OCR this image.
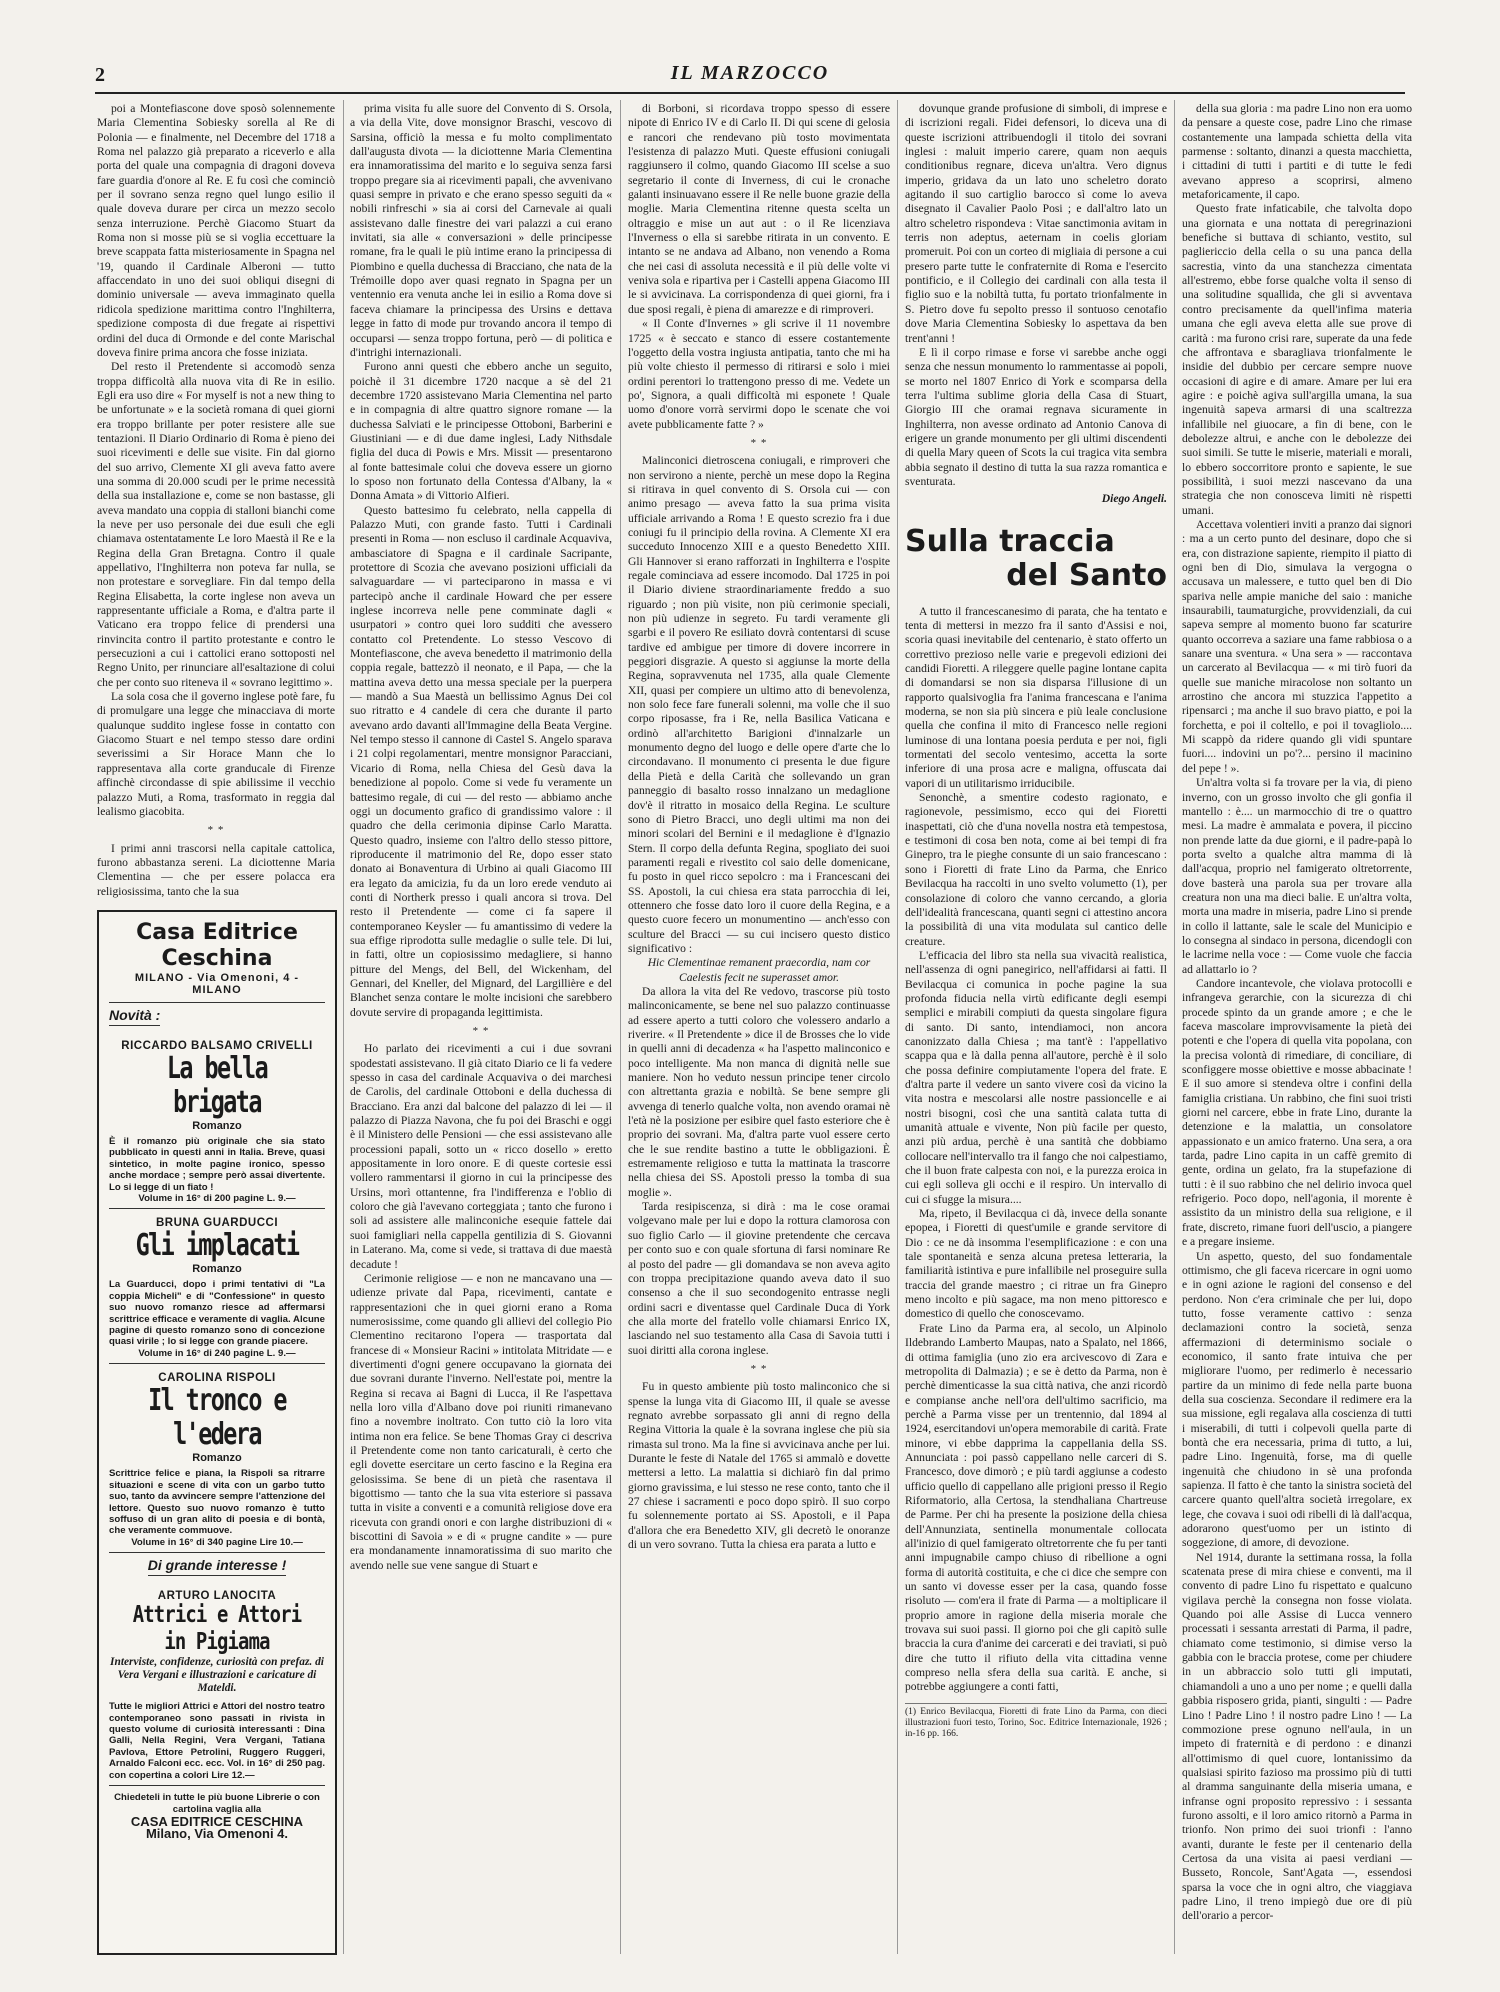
2	IL MARZOCCO

poi a Montefiascone dove sposò solennemente Maria Clementina Sobiesky sorella al Re di Polonia — e finalmente, nel Decembre del 1718 a Roma nel palazzo già preparato a riceverlo e alla porta del quale una compagnia di dragoni doveva fare guardia d'onore al Re. E fu così che cominciò per il sovrano senza regno quel lungo esilio il quale doveva durare per circa un mezzo secolo senza interruzione. Perchè Giacomo Stuart da Roma non si mosse più se si voglia eccettuare la breve scappata fatta misteriosamente in Spagna nel '19, quando il Cardinale Alberoni — tutto affaccendato in uno dei suoi obliqui disegni di dominio universale — aveva immaginato quella ridicola spedizione marittima contro l'Inghilterra, spedizione composta di due fregate ai rispettivi ordini del duca di Ormonde e del conte Marischal doveva finire prima ancora che fosse iniziata.

Del resto il Pretendente si accomodò senza troppa difficoltà alla nuova vita di Re in esilio. Egli era uso dire « For myself is not a new thing to be unfortunate » e la società romana di quei giorni era troppo brillante per poter resistere alle sue tentazioni. Il Diario Ordinario di Roma è pieno dei suoi ricevimenti e delle sue visite. Fin dal giorno del suo arrivo, Clemente XI gli aveva fatto avere una somma di 20.000 scudi per le prime necessità della sua installazione e, come se non bastasse, gli aveva mandato una coppia di stalloni bianchi come la neve per uso personale dei due esuli che egli chiamava ostentatamente Le loro Maestà il Re e la Regina della Gran Bretagna. Contro il quale appellativo, l'Inghilterra non poteva far nulla, se non protestare e sorvegliare. Fin dal tempo della Regina Elisabetta, la corte inglese non aveva un rappresentante ufficiale a Roma, e d'altra parte il Vaticano era troppo felice di prendersi una rinvincita contro il partito protestante e contro le persecuzioni a cui i cattolici erano sottoposti nel Regno Unito, per rinunciare all'esaltazione di colui che per conto suo riteneva il « sovrano legittimo ».

La sola cosa che il governo inglese potè fare, fu di promulgare una legge che minacciava di morte qualunque suddito inglese fosse in contatto con Giacomo Stuart e nel tempo stesso dare ordini severissimi a Sir Horace Mann che lo rappresentava alla corte granducale di Firenze affinchè circondasse di spie abilissime il vecchio palazzo Muti, a Roma, trasformato in reggia dal lealismo giacobita.

* *

I primi anni trascorsi nella capitale cattolica, furono abbastanza sereni. La diciottenne Maria Clementina — che per essere polacca era religiosissima, tanto che la sua

Casa Editrice Ceschina
MILANO - Via Omenoni, 4 - MILANO
Novità :
RICCARDO BALSAMO CRIVELLI
La bella brigata
Romanzo
È il romanzo più originale che sia stato pubblicato in questi anni in Italia. Breve, quasi sintetico, in molte pagine ironico, spesso anche mordace ; sempre però assai divertente. Lo si legge di un fiato !
Volume in 16° di 200 pagine L. 9.—
BRUNA GUARDUCCI
Gli implacati
Romanzo
La Guarducci, dopo i primi tentativi di "La coppia Micheli" e di "Confessione" in questo suo nuovo romanzo riesce ad affermarsi scrittrice efficace e veramente di vaglia. Alcune pagine di questo romanzo sono di concezione quasi virile ; lo si legge con grande piacere.
Volume in 16° di 240 pagine L. 9.—
CAROLINA RISPOLI
Il tronco e l'edera
Romanzo
Scrittrice felice e piana, la Rispoli sa ritrarre situazioni e scene di vita con un garbo tutto suo, tanto da avvincere sempre l'attenzione del lettore. Questo suo nuovo romanzo è tutto soffuso di un gran alito di poesia e di bontà, che veramente commuove.
Volume in 16° di 340 pagine Lire 10.—
Di grande interesse !
ARTURO LANOCITA
Attrici e Attori in Pigiama
Interviste, confidenze, curiosità con prefaz. di Vera Vergani e illustrazioni e caricature di Mateldi.
Tutte le migliori Attrici e Attori del nostro teatro contemporaneo sono passati in rivista in questo volume di curiosità interessanti : Dina Galli, Nella Regini, Vera Vergani, Tatiana Pavlova, Ettore Petrolini, Ruggero Ruggeri, Arnaldo Falconi ecc. ecc. Vol. in 16° di 250 pag. con copertina a colori Lire 12.—
Chiedeteli in tutte le più buone Librerie o con cartolina vaglia alla
CASA EDITRICE CESCHINA
Milano, Via Omenoni 4.

prima visita fu alle suore del Convento di S. Orsola, a via della Vite, dove monsignor Braschi, vescovo di Sarsina, officiò la messa e fu molto complimentato dall'augusta divota — la diciottenne Maria Clementina era innamoratissima del marito e lo seguiva senza farsi troppo pregare sia ai ricevimenti papali, che avvenivano quasi sempre in privato e che erano spesso seguiti da « nobili rinfreschi » sia ai corsi del Carnevale ai quali assistevano dalle finestre dei vari palazzi a cui erano invitati, sia alle « conversazioni » delle principesse romane, fra le quali le più intime erano la principessa di Piombino e quella duchessa di Bracciano, che nata de la Trémoille dopo aver quasi regnato in Spagna per un ventennio era venuta anche lei in esilio a Roma dove si faceva chiamare la principessa des Ursins e dettava legge in fatto di mode pur trovando ancora il tempo di occuparsi — senza troppo fortuna, però — di politica e d'intrighi internazionali.

Furono anni questi che ebbero anche un seguito, poichè il 31 dicembre 1720 nacque a sè del 21 decembre 1720 assistevano Maria Clementina nel parto e in compagnia di altre quattro signore romane — la duchessa Salviati e le principesse Ottoboni, Barberini e Giustiniani — e di due dame inglesi, Lady Nithsdale figlia del duca di Powis e Mrs. Missit — presentarono al fonte battesimale colui che doveva essere un giorno lo sposo non fortunato della Contessa d'Albany, la « Donna Amata » di Vittorio Alfieri.

Questo battesimo fu celebrato, nella cappella di Palazzo Muti, con grande fasto. Tutti i Cardinali presenti in Roma — non escluso il cardinale Acquaviva, ambasciatore di Spagna e il cardinale Sacripante, protettore di Scozia che avevano posizioni ufficiali da salvaguardare — vi parteciparono in massa e vi partecipò anche il cardinale Howard che per essere inglese incorreva nelle pene comminate dagli « usurpatori » contro quei loro sudditi che avessero contatto col Pretendente. Lo stesso Vescovo di Montefiascone, che aveva benedetto il matrimonio della coppia regale, battezzò il neonato, e il Papa, — che la mattina aveva detto una messa speciale per la puerpera — mandò a Sua Maestà un bellissimo Agnus Dei col suo ritratto e 4 candele di cera che durante il parto avevano ardo davanti all'Immagine della Beata Vergine. Nel tempo stesso il cannone di Castel S. Angelo sparava i 21 colpi regolamentari, mentre monsignor Paracciani, Vicario di Roma, nella Chiesa del Gesù dava la benedizione al popolo. Come si vede fu veramente un battesimo regale, di cui — del resto — abbiamo anche oggi un documento grafico di grandissimo valore : il quadro che della cerimonia dipinse Carlo Maratta. Questo quadro, insieme con l'altro dello stesso pittore, riproducente il matrimonio del Re, dopo esser stato donato ai Bonaventura di Urbino ai quali Giacomo III era legato da amicizia, fu da un loro erede venduto ai conti di Northerk presso i quali ancora si trova. Del resto il Pretendente — come ci fa sapere il contemporaneo Keysler — fu amantissimo di vedere la sua effige riprodotta sulle medaglie o sulle tele. Di lui, in fatti, oltre un copiosissimo medagliere, si hanno pitture del Mengs, del Bell, del Wickenham, del Gennari, del Kneller, del Mignard, del Largillière e del Blanchet senza contare le molte incisioni che sarebbero dovute servire di propaganda legittimista.

* *

Ho parlato dei ricevimenti a cui i due sovrani spodestati assistevano. Il già citato Diario ce li fa vedere spesso in casa del cardinale Acquaviva o dei marchesi de Carolis, del cardinale Ottoboni e della duchessa di Bracciano. Era anzi dal balcone del palazzo di lei — il palazzo di Piazza Navona, che fu poi dei Braschi e oggi è il Ministero delle Pensioni — che essi assistevano alle processioni papali, sotto un « ricco dosello » eretto appositamente in loro onore. E di queste cortesie essi vollero rammentarsi il giorno in cui la principesse des Ursins, morì ottantenne, fra l'indifferenza e l'oblio di coloro che già l'avevano corteggiata ; tanto che furono i soli ad assistere alle malinconiche esequie fattele dai suoi famigliari nella cappella gentilizia di S. Giovanni in Laterano. Ma, come si vede, si trattava di due maestà decadute !

Cerimonie religiose — e non ne mancavano una — udienze private dal Papa, ricevimenti, cantate e rappresentazioni che in quei giorni erano a Roma numerosissime, come quando gli allievi del collegio Pio Clementino recitarono l'opera — trasportata dal francese di « Monsieur Racini » intitolata Mitridate — e divertimenti d'ogni genere occupavano la giornata dei due sovrani durante l'inverno. Nell'estate poi, mentre la Regina si recava ai Bagni di Lucca, il Re l'aspettava nella loro villa d'Albano dove poi riuniti rimanevano fino a novembre inoltrato. Con tutto ciò la loro vita intima non era felice. Se bene Thomas Gray ci descriva il Pretendente come non tanto caricaturali, è certo che egli dovette esercitare un certo fascino e la Regina era gelosissima. Se bene di un pietà che rasentava il bigottismo — tanto che la sua vita esteriore si passava tutta in visite a conventi e a comunità religiose dove era ricevuta con grandi onori e con larghe distribuzioni di « biscottini di Savoia » e di « prugne candite » — pure era mondanamente innamoratissima di suo marito che avendo nelle sue vene sangue di Stuart e

di Borboni, si ricordava troppo spesso di essere nipote di Enrico IV e di Carlo II. Di qui scene di gelosia e rancori che rendevano più tosto movimentata l'esistenza di palazzo Muti. Queste effusioni coniugali raggiunsero il colmo, quando Giacomo III scelse a suo segretario il conte di Inverness, di cui le cronache galanti insinuavano essere il Re nelle buone grazie della moglie. Maria Clementina ritenne questa scelta un oltraggio e mise un aut aut : o il Re licenziava l'Inverness o ella si sarebbe ritirata in un convento. E intanto se ne andava ad Albano, non venendo a Roma che nei casi di assoluta necessità e il più delle volte vi veniva sola e ripartiva per i Castelli appena Giacomo III le si avvicinava. La corrispondenza di quei giorni, fra i due sposi regali, è piena di amarezze e di rimproveri.

« Il Conte d'Invernes » gli scrive il 11 novembre 1725 « è seccato e stanco di essere costantemente l'oggetto della vostra ingiusta antipatia, tanto che mi ha più volte chiesto il permesso di ritirarsi e solo i miei ordini perentori lo trattengono presso di me. Vedete un po', Signora, a quali difficoltà mi esponete ! Quale uomo d'onore vorrà servirmi dopo le scenate che voi avete pubblicamente fatte ? »

* *

Malinconici dietroscena coniugali, e rimproveri che non servirono a niente, perchè un mese dopo la Regina si ritirava in quel convento di S. Orsola cui — con animo presago — aveva fatto la sua prima visita ufficiale arrivando a Roma ! E questo screzio fra i due coniugi fu il principio della rovina. A Clemente XI era succeduto Innocenzo XIII e a questo Benedetto XIII. Gli Hannover si erano rafforzati in Inghilterra e l'ospite regale cominciava ad essere incomodo. Dal 1725 in poi il Diario diviene straordinariamente freddo a suo riguardo ; non più visite, non più cerimonie speciali, non più udienze in segreto. Fu tardi veramente gli sgarbi e il povero Re esiliato dovrà contentarsi di scuse tardive ed ambigue per timore di dovere incorrere in peggiori disgrazie. A questo si aggiunse la morte della Regina, sopravvenuta nel 1735, alla quale Clemente XII, quasi per compiere un ultimo atto di benevolenza, non solo fece fare funerali solenni, ma volle che il suo corpo riposasse, fra i Re, nella Basilica Vaticana e ordinò all'architetto Barigioni d'innalzarle un monumento degno del luogo e delle opere d'arte che lo circondavano. Il monumento ci presenta le due figure della Pietà e della Carità che sollevando un gran panneggio di basalto rosso innalzano un medaglione dov'è il ritratto in mosaico della Regina. Le sculture sono di Pietro Bracci, uno degli ultimi ma non dei minori scolari del Bernini e il medaglione è d'Ignazio Stern. Il corpo della defunta Regina, spogliato dei suoi paramenti regali e rivestito col saio delle domenicane, fu posto in quel ricco sepolcro : ma i Francescani dei SS. Apostoli, la cui chiesa era stata parrocchia di lei, ottennero che fosse dato loro il cuore della Regina, e a questo cuore fecero un monumentino — anch'esso con sculture del Bracci — su cui incisero questo distico significativo :

Hic Clementinae remanent praecordia, nam cor Caelestis fecit ne superasset amor.

Da allora la vita del Re vedovo, trascorse più tosto malinconicamente, se bene nel suo palazzo continuasse ad essere aperto a tutti coloro che volessero andarlo a riverire. « Il Pretendente » dice il de Brosses che lo vide in quelli anni di decadenza « ha l'aspetto malinconico e poco intelligente. Ma non manca di dignità nelle sue maniere. Non ho veduto nessun principe tener circolo con altrettanta grazia e nobiltà. Se bene sempre gli avvenga di tenerlo qualche volta, non avendo oramai nè l'età nè la posizione per esibire quel fasto esteriore che è proprio dei sovrani. Ma, d'altra parte vuol essere certo che le sue rendite bastino a tutte le obbligazioni. È estremamente religioso e tutta la mattinata la trascorre nella chiesa dei SS. Apostoli presso la tomba di sua moglie ».

Tarda resipiscenza, si dirà : ma le cose oramai volgevano male per lui e dopo la rottura clamorosa con suo figlio Carlo — il giovine pretendente che cercava per conto suo e con quale sfortuna di farsi nominare Re al posto del padre — gli domandava se non aveva agito con troppa precipitazione quando aveva dato il suo consenso a che il suo secondogenito entrasse negli ordini sacri e diventasse quel Cardinale Duca di York che alla morte del fratello volle chiamarsi Enrico IX, lasciando nel suo testamento alla Casa di Savoia tutti i suoi diritti alla corona inglese.

* *

Fu in questo ambiente più tosto malinconico che si spense la lunga vita di Giacomo III, il quale se avesse regnato avrebbe sorpassato gli anni di regno della Regina Vittoria la quale è la sovrana inglese che più sia rimasta sul trono. Ma la fine si avvicinava anche per lui. Durante le feste di Natale del 1765 si ammalò e dovette mettersi a letto. La malattia si dichiarò fin dal primo giorno gravissima, e lui stesso ne rese conto, tanto che il 27 chiese i sacramenti e poco dopo spirò. Il suo corpo fu solennemente portato ai SS. Apostoli, e il Papa d'allora che era Benedetto XIV, gli decretò le onoranze di un vero sovrano. Tutta la chiesa era parata a lutto e

dovunque grande profusione di simboli, di imprese e di iscrizioni regali. Fidei defensori, lo diceva una di queste iscrizioni attribuendogli il titolo dei sovrani inglesi : maluit imperio carere, quam non aequis conditionibus regnare, diceva un'altra. Vero dignus imperio, gridava da un lato uno scheletro dorato agitando il suo cartiglio barocco sì come lo aveva disegnato il Cavalier Paolo Posi ; e dall'altro lato un altro scheletro rispondeva : Vitae sanctimonia avitam in terris non adeptus, aeternam in coelis gloriam promeruit. Poi con un corteo di migliaia di persone a cui presero parte tutte le confraternite di Roma e l'esercito pontificio, e il Collegio dei cardinali con alla testa il figlio suo e la nobiltà tutta, fu portato trionfalmente in S. Pietro dove fu sepolto presso il sontuoso cenotafio dove Maria Clementina Sobiesky lo aspettava da ben trent'anni !

E lì il corpo rimase e forse vi sarebbe anche oggi senza che nessun monumento lo rammentasse ai popoli, se morto nel 1807 Enrico di York e scomparsa della terra l'ultima sublime gloria della Casa di Stuart, Giorgio III che oramai regnava sicuramente in Inghilterra, non avesse ordinato ad Antonio Canova di erigere un grande monumento per gli ultimi discendenti di quella Mary queen of Scots la cui tragica vita sembra abbia segnato il destino di tutta la sua razza romantica e sventurata.

Diego Angeli.
Sulla traccia
del Santo

A tutto il francescanesimo di parata, che ha tentato e tenta di mettersi in mezzo fra il santo d'Assisi e noi, scoria quasi inevitabile del centenario, è stato offerto un correttivo prezioso nelle varie e pregevoli edizioni dei candidi Fioretti. A rileggere quelle pagine lontane capita di domandarsi se non sia disparsa l'illusione di un rapporto qualsivoglia fra l'anima francescana e l'anima moderna, se non sia più sincera e più leale conclusione quella che confina il mito di Francesco nelle regioni luminose di una lontana poesia perduta e per noi, figli tormentati del secolo ventesimo, accetta la sorte inferiore di una prosa acre e maligna, offuscata dai vapori di un utilitarismo irriducibile.

Senonchè, a smentire codesto ragionato, e ragionevole, pessimismo, ecco qui dei Fioretti inaspettati, ciò che d'una novella nostra età tempestosa, e testimoni di cosa ben nota, come ai bei tempi di fra Ginepro, tra le pieghe consunte di un saio francescano : sono i Fioretti di frate Lino da Parma, che Enrico Bevilacqua ha raccolti in uno svelto volumetto (1), per consolazione di coloro che vanno cercando, a gloria dell'idealità francescana, quanti segni ci attestino ancora la possibilità di una vita modulata sul cantico delle creature.

L'efficacia del libro sta nella sua vivacità realistica, nell'assenza di ogni panegirico, nell'affidarsi ai fatti. Il Bevilacqua ci comunica in poche pagine la sua profonda fiducia nella virtù edificante degli esempi semplici e mirabili compiuti da questa singolare figura di santo. Di santo, intendiamoci, non ancora canonizzato dalla Chiesa ; ma tant'è : l'appellativo scappa qua e là dalla penna all'autore, perchè è il solo che possa definire compiutamente l'opera del frate. E d'altra parte il vedere un santo vivere così da vicino la vita nostra e mescolarsi alle nostre passioncelle e ai nostri bisogni, così che una santità calata tutta di umanità attuale e vivente, Non più facile per questo, anzi più ardua, perchè è una santità che dobbiamo collocare nell'intervallo tra il fango che noi calpestiamo, che il buon frate calpesta con noi, e la purezza eroica in cui egli solleva gli occhi e il respiro. Un intervallo di cui ci sfugge la misura....

Ma, ripeto, il Bevilacqua ci dà, invece della sonante epopea, i Fioretti di quest'umile e grande servitore di Dio : ce ne dà insomma l'esemplificazione : e con una tale spontaneità e senza alcuna pretesa letteraria, la familiarità istintiva e pure infallibile nel proseguire sulla traccia del grande maestro ; ci ritrae un fra Ginepro meno incolto e più sagace, ma non meno pittoresco e domestico di quello che conoscevamo.

Frate Lino da Parma era, al secolo, un Alpinolo Ildebrando Lamberto Maupas, nato a Spalato, nel 1866, di ottima famiglia (uno zio era arcivescovo di Zara e metropolita di Dalmazia) ; e se è detto da Parma, non è perchè dimenticasse la sua città nativa, che anzi ricordò e compianse anche nell'ora dell'ultimo sacrificio, ma perchè a Parma visse per un trentennio, dal 1894 al 1924, esercitandovi un'opera memorabile di carità. Frate minore, vi ebbe dapprima la cappellania della SS. Annunciata : poi passò cappellano nelle carceri di S. Francesco, dove dimorò ; e più tardi aggiunse a codesto ufficio quello di cappellano alle prigioni presso il Regio Riformatorio, alla Certosa, la stendhaliana Chartreuse de Parme. Per chi ha presente la posizione della chiesa dell'Annunziata, sentinella monumentale collocata all'inizio di quel famigerato oltretorrente che fu per tanti anni impugnabile campo chiuso di ribellione a ogni forma di autorità costituita, e che ci dice che sempre con un santo vi dovesse esser per la casa, quando fosse risoluto — com'era il frate di Parma — a moltiplicare il proprio amore in ragione della miseria morale che trovava sui suoi passi. Il giorno poi che gli capitò sulle braccia la cura d'anime dei carcerati e dei traviati, si può dire che tutto il rifiuto della vita cittadina venne compreso nella sfera della sua carità. E anche, si potrebbe aggiungere a conti fatti,

(1) Enrico Bevilacqua, Fioretti di frate Lino da Parma, con dieci illustrazioni fuori testo, Torino, Soc. Editrice Internazionale, 1926 ; in-16 pp. 166.

della sua gloria : ma padre Lino non era uomo da pensare a queste cose, padre Lino che rimase costantemente una lampada schietta della vita parmense : soltanto, dinanzi a questa macchietta, i cittadini di tutti i partiti e di tutte le fedi avevano appreso a scoprirsi, almeno metaforicamente, il capo.

Questo frate infaticabile, che talvolta dopo una giornata e una nottata di peregrinazioni benefiche si buttava di schianto, vestito, sul pagliericcio della cella o su una panca della sacrestia, vinto da una stanchezza cimentata all'estremo, ebbe forse qualche volta il senso di una solitudine squallida, che gli si avventava contro precisamente da quell'infima materia umana che egli aveva eletta alle sue prove di carità : ma furono crisi rare, superate da una fede che affrontava e sbaragliava trionfalmente le insidie del dubbio per cercare sempre nuove occasioni di agire e di amare. Amare per lui era agire : e poichè agiva sull'argilla umana, la sua ingenuità sapeva armarsi di una scaltrezza infallibile nel giuocare, a fin di bene, con le debolezze altrui, e anche con le debolezze dei suoi simili. Se tutte le miserie, materiali e morali, lo ebbero soccorritore pronto e sapiente, le sue possibilità, i suoi mezzi nascevano da una strategia che non conosceva limiti nè rispetti umani.

Accettava volentieri inviti a pranzo dai signori : ma a un certo punto del desinare, dopo che si era, con distrazione sapiente, riempito il piatto di ogni ben di Dio, simulava la vergogna o accusava un malessere, e tutto quel ben di Dio spariva nelle ampie maniche del saio : maniche insaurabili, taumaturgiche, provvidenziali, da cui sapeva sempre al momento buono far scaturire quanto occorreva a saziare una fame rabbiosa o a sanare una sventura. « Una sera » — raccontava un carcerato al Bevilacqua — « mi tirò fuori da quelle sue maniche miracolose non soltanto un arrostino che ancora mi stuzzica l'appetito a ripensarci ; ma anche il suo bravo piatto, e poi la forchetta, e poi il coltello, e poi il tovagliolo.... Mi scappò da ridere quando gli vidi spuntare fuori.... indovini un po'?... persino il macinino del pepe ! ».

Un'altra volta si fa trovare per la via, di pieno inverno, con un grosso involto che gli gonfia il mantello : è.... un marmocchio di tre o quattro mesi. La madre è ammalata e povera, il piccino non prende latte da due giorni, e il padre-papà lo porta svelto a qualche altra mamma di là dall'acqua, proprio nel famigerato oltretorrente, dove basterà una parola sua per trovare alla creatura non una ma dieci balie. E un'altra volta, morta una madre in miseria, padre Lino si prende in collo il lattante, sale le scale del Municipio e lo consegna al sindaco in persona, dicendogli con le lacrime nella voce : — Come vuole che faccia ad allattarlo io ?

Candore incantevole, che violava protocolli e infrangeva gerarchie, con la sicurezza di chi procede spinto da un grande amore ; e che le faceva mascolare improvvisamente la pietà dei potenti e che l'opera di quella vita popolana, con la precisa volontà di rimediare, di conciliare, di sconfiggere mosse obiettive e mosse abbacinate ! E il suo amore si stendeva oltre i confini della famiglia cristiana. Un rabbino, che fini suoi tristi giorni nel carcere, ebbe in frate Lino, durante la detenzione e la malattia, un consolatore appassionato e un amico fraterno. Una sera, a ora tarda, padre Lino capita in un caffè gremito di gente, ordina un gelato, fra la stupefazione di tutti : è il suo rabbino che nel delirio invoca quel refrigerio. Poco dopo, nell'agonia, il morente è assistito da un ministro della sua religione, e il frate, discreto, rimane fuori dell'uscio, a piangere e a pregare insieme.

Un aspetto, questo, del suo fondamentale ottimismo, che gli faceva ricercare in ogni uomo e in ogni azione le ragioni del consenso e del perdono. Non c'era criminale che per lui, dopo tutto, fosse veramente cattivo : senza declamazioni contro la società, senza affermazioni di determinismo sociale o economico, il santo frate intuiva che per migliorare l'uomo, per redimerlo è necessario partire da un minimo di fede nella parte buona della sua coscienza. Secondare il redimere era la sua missione, egli regalava alla coscienza di tutti i miserabili, di tutti i colpevoli quella parte di bontà che era necessaria, prima di tutto, a lui, padre Lino. Ingenuità, forse, ma di quelle ingenuità che chiudono in sè una profonda sapienza. Il fatto è che tanto la sinistra società del carcere quanto quell'altra società irregolare, ex lege, che covava i suoi odi ribelli di là dall'acqua, adorarono quest'uomo per un istinto di soggezione, di amore, di devozione.

Nel 1914, durante la settimana rossa, la folla scatenata prese di mira chiese e conventi, ma il convento di padre Lino fu rispettato e qualcuno vigilava perchè la consegna non fosse violata. Quando poi alle Assise di Lucca vennero processati i sessanta arrestati di Parma, il padre, chiamato come testimonio, si dimise verso la gabbia con le braccia protese, come per chiudere in un abbraccio solo tutti gli imputati, chiamandoli a uno a uno per nome ; e quelli dalla gabbia risposero grida, pianti, singulti : — Padre Lino ! Padre Lino ! il nostro padre Lino ! — La commozione prese ognuno nell'aula, in un impeto di fraternità e di perdono : e dinanzi all'ottimismo di quel cuore, lontanissimo da qualsiasi spirito fazioso ma prossimo più di tutti al dramma sanguinante della miseria umana, e infranse ogni proposito repressivo : i sessanta furono assolti, e il loro amico ritornò a Parma in trionfo. Non primo dei suoi trionfi : l'anno avanti, durante le feste per il centenario della Certosa da una visita ai paesi verdiani — Busseto, Roncole, Sant'Agata —, essendosi sparsa la voce che in ogni altro, che viaggiava padre Lino, il treno impiegò due ore di più dell'orario a percor-
